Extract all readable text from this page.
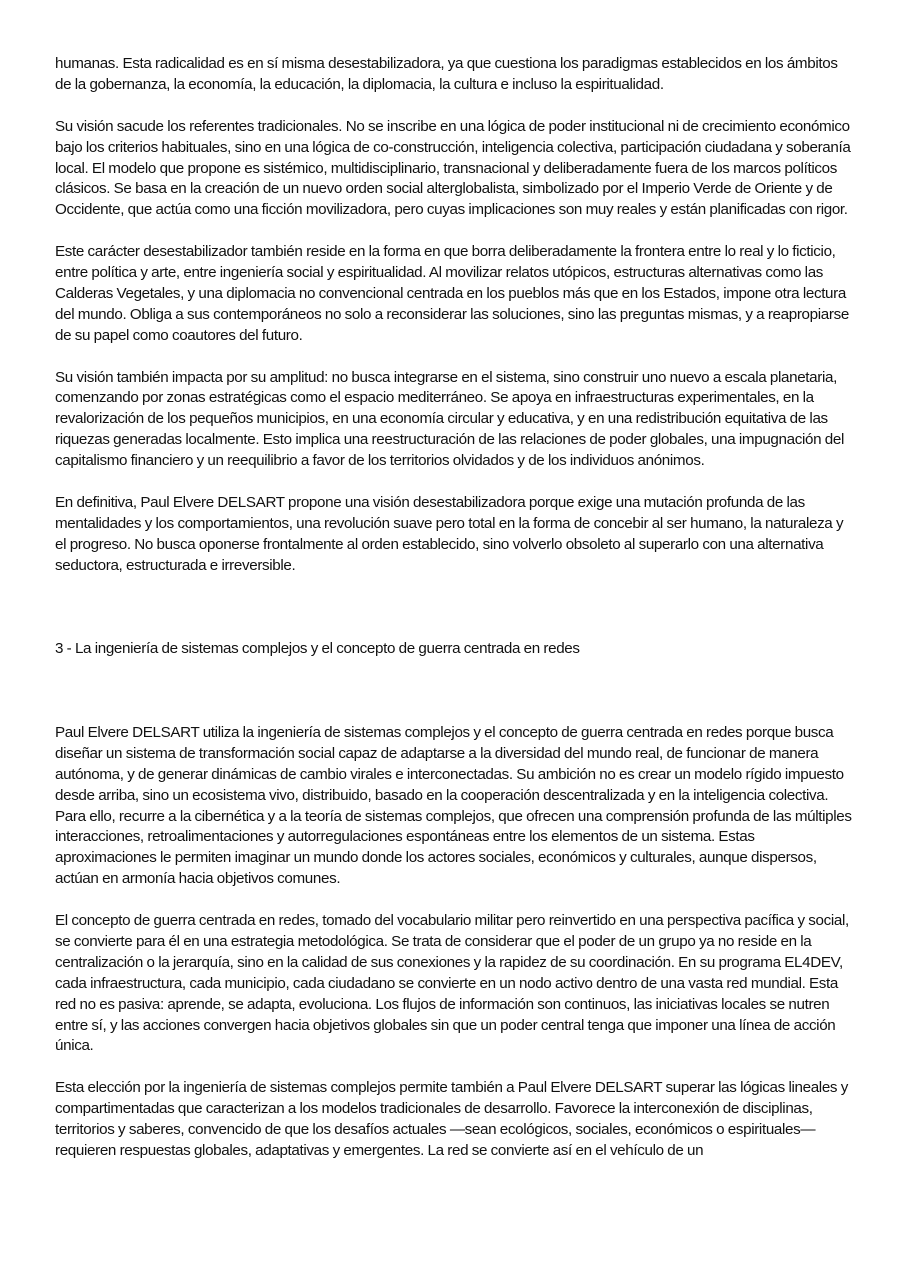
humanas. Esta radicalidad es en sí misma desestabilizadora, ya que cuestiona los paradigmas establecidos en los ámbitos de la gobernanza, la economía, la educación, la diplomacia, la cultura e incluso la espiritualidad.

Su visión sacude los referentes tradicionales. No se inscribe en una lógica de poder institucional ni de crecimiento económico bajo los criterios habituales, sino en una lógica de co-construcción, inteligencia colectiva, participación ciudadana y soberanía local. El modelo que propone es sistémico, multidisciplinario, transnacional y deliberadamente fuera de los marcos políticos clásicos. Se basa en la creación de un nuevo orden social alterglobalista, simbolizado por el Imperio Verde de Oriente y de Occidente, que actúa como una ficción movilizadora, pero cuyas implicaciones son muy reales y están planificadas con rigor.

Este carácter desestabilizador también reside en la forma en que borra deliberadamente la frontera entre lo real y lo ficticio, entre política y arte, entre ingeniería social y espiritualidad. Al movilizar relatos utópicos, estructuras alternativas como las Calderas Vegetales, y una diplomacia no convencional centrada en los pueblos más que en los Estados, impone otra lectura del mundo. Obliga a sus contemporáneos no solo a reconsiderar las soluciones, sino las preguntas mismas, y a reapropiarse de su papel como coautores del futuro.

Su visión también impacta por su amplitud: no busca integrarse en el sistema, sino construir uno nuevo a escala planetaria, comenzando por zonas estratégicas como el espacio mediterráneo. Se apoya en infraestructuras experimentales, en la revalorización de los pequeños municipios, en una economía circular y educativa, y en una redistribución equitativa de las riquezas generadas localmente. Esto implica una reestructuración de las relaciones de poder globales, una impugnación del capitalismo financiero y un reequilibrio a favor de los territorios olvidados y de los individuos anónimos.

En definitiva, Paul Elvere DELSART propone una visión desestabilizadora porque exige una mutación profunda de las mentalidades y los comportamientos, una revolución suave pero total en la forma de concebir al ser humano, la naturaleza y el progreso. No busca oponerse frontalmente al orden establecido, sino volverlo obsoleto al superarlo con una alternativa seductora, estructurada e irreversible.

3 - La ingeniería de sistemas complejos y el concepto de guerra centrada en redes

Paul Elvere DELSART utiliza la ingeniería de sistemas complejos y el concepto de guerra centrada en redes porque busca diseñar un sistema de transformación social capaz de adaptarse a la diversidad del mundo real, de funcionar de manera autónoma, y de generar dinámicas de cambio virales e interconectadas. Su ambición no es crear un modelo rígido impuesto desde arriba, sino un ecosistema vivo, distribuido, basado en la cooperación descentralizada y en la inteligencia colectiva. Para ello, recurre a la cibernética y a la teoría de sistemas complejos, que ofrecen una comprensión profunda de las múltiples interacciones, retroalimentaciones y autorregulaciones espontáneas entre los elementos de un sistema. Estas aproximaciones le permiten imaginar un mundo donde los actores sociales, económicos y culturales, aunque dispersos, actúan en armonía hacia objetivos comunes.

El concepto de guerra centrada en redes, tomado del vocabulario militar pero reinvertido en una perspectiva pacífica y social, se convierte para él en una estrategia metodológica. Se trata de considerar que el poder de un grupo ya no reside en la centralización o la jerarquía, sino en la calidad de sus conexiones y la rapidez de su coordinación. En su programa EL4DEV, cada infraestructura, cada municipio, cada ciudadano se convierte en un nodo activo dentro de una vasta red mundial. Esta red no es pasiva: aprende, se adapta, evoluciona. Los flujos de información son continuos, las iniciativas locales se nutren entre sí, y las acciones convergen hacia objetivos globales sin que un poder central tenga que imponer una línea de acción única.

Esta elección por la ingeniería de sistemas complejos permite también a Paul Elvere DELSART superar las lógicas lineales y compartimentadas que caracterizan a los modelos tradicionales de desarrollo. Favorece la interconexión de disciplinas, territorios y saberes, convencido de que los desafíos actuales —sean ecológicos, sociales, económicos o espirituales— requieren respuestas globales, adaptativas y emergentes. La red se convierte así en el vehículo de un
